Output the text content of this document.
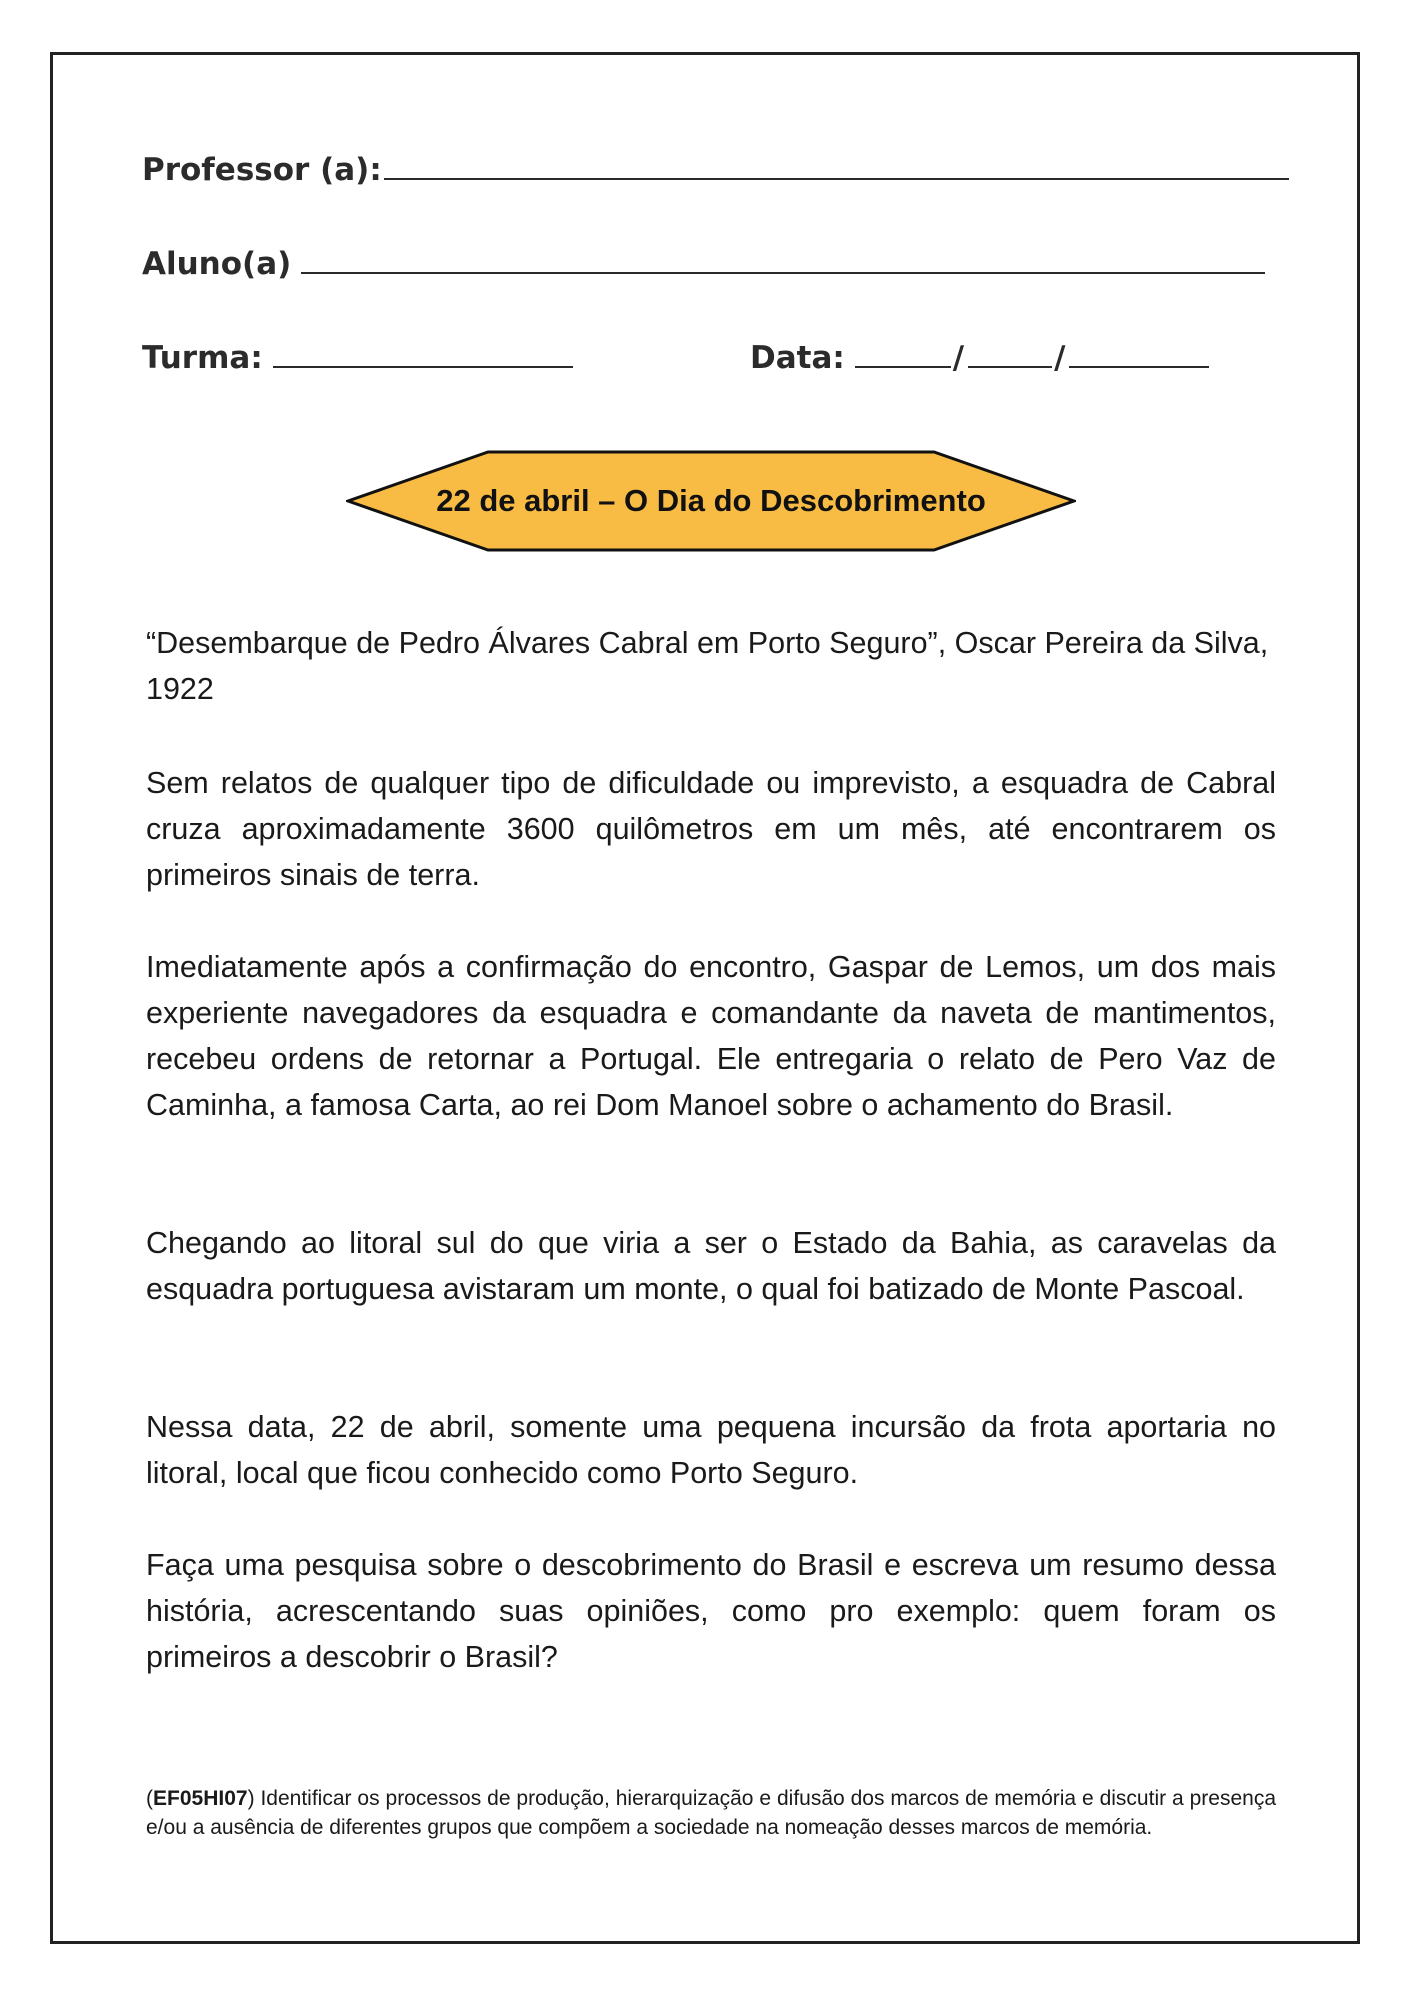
Professor (a):
Aluno(a)
Turma:	Data:	/	/
22 de abril – O Dia do Descobrimento

“Desembarque de Pedro Álvares Cabral em Porto Seguro”, Oscar Pereira da Silva, 1922

Sem relatos de qualquer tipo de dificuldade ou imprevisto, a esquadra de Cabral cruza aproximadamente 3600 quilômetros em um mês, até encontrarem os primeiros sinais de terra.

Imediatamente após a confirmação do encontro, Gaspar de Lemos, um dos mais experiente navegadores da esquadra e comandante da naveta de mantimentos, recebeu ordens de retornar a Portugal. Ele entregaria o relato de Pero Vaz de Caminha, a famosa Carta, ao rei Dom Manoel sobre o achamento do Brasil.

Chegando ao litoral sul do que viria a ser o Estado da Bahia, as caravelas da esquadra portuguesa avistaram um monte, o qual foi batizado de Monte Pascoal.

Nessa data, 22 de abril, somente uma pequena incursão da frota aportaria no litoral, local que ficou conhecido como Porto Seguro.

Faça uma pesquisa sobre o descobrimento do Brasil e escreva um resumo dessa história, acrescentando suas opiniões, como pro exemplo: quem foram os primeiros a descobrir o Brasil?

(EF05HI07) Identificar os processos de produção, hierarquização e difusão dos marcos de memória e discutir a presença e/ou a ausência de diferentes grupos que compõem a sociedade na nomeação desses marcos de memória.
